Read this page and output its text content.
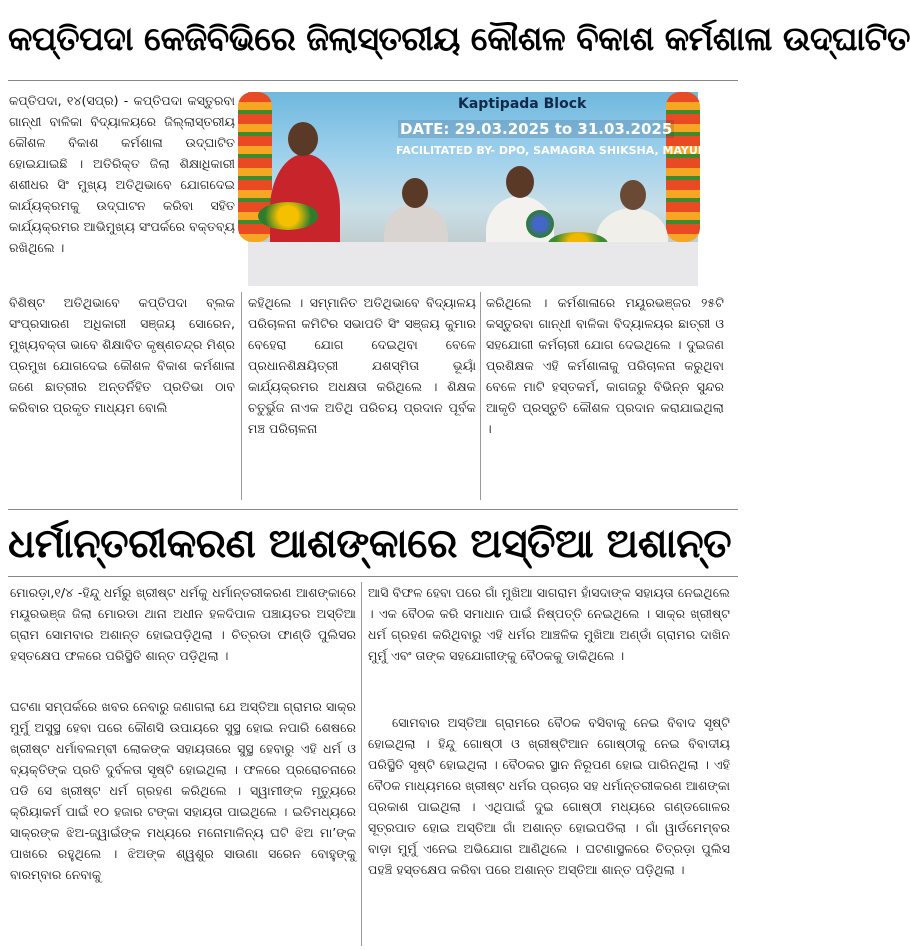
କପ୍ତିପଦା କେଜିବିଭିରେ ଜିଲାସ୍ତରୀୟ କୌଶଳ ବିକାଶ କର୍ମଶାଳା ଉଦ୍‌ଘାଟିତ

କପ୍ତିପଦା, ୧୪(ସପ୍ର) - କପ୍ତିପଦା କସ୍ତୁରବା ଗାନ୍ଧୀ ବାଳିକା ବିଦ୍ୟାଳୟରେ ଜିଲ୍ଲାସ୍ତରୀୟ କୌଶଳ ବିକାଶ କର୍ମଶାଳା ଉଦ୍‌ଘାଟିତ ହୋଇଯାଇଛି । ଅତିରିକ୍ତ ଜିଲା ଶିକ୍ଷାଧିକାରୀ ଶଶୀଧର ସିଂ ମୁଖ୍ୟ ଅତିଥିଭାବେ ଯୋଗଦେଇ କାର୍ଯ୍ୟକ୍ରମକୁ ଉଦ୍‌ଘାଟନ କରିବା ସହିତ କାର୍ଯ୍ୟକ୍ରମର ଆଭିମୁଖ୍ୟ ସଂପର୍କରେ ବକ୍ତବ୍ୟ ରଖିଥିଲେ ।

ବିଶିଷ୍ଟ ଅତିଥିଭାବେ କପ୍ତିପଦା ବ୍ଲକ ସଂପ୍ରସାରଣ ଅଧିକାରୀ ସଞ୍ଜୟ ସୋରେନ, ମୁଖ୍ୟବକ୍ତା ଭାବେ ଶିକ୍ଷାବିତ କୃଷ୍ଣଚନ୍ଦ୍ର ମିଶ୍ର ପ୍ରମୁଖ ଯୋଗଦେଇ କୌଶଳ ବିକାଶ କର୍ମଶାଳା ଜଣେ ଛାତ୍ରୀର ଅନ୍ତର୍ନିହିତ ପ୍ରତିଭା ଠାବ କରିବାର ପ୍ରକୃତ ମାଧ୍ୟମ ବୋଲି

କହିଥିଲେ । ସମ୍ମାନିତ ଅତିଥିଭାବେ ବିଦ୍ୟାଳୟ ପରିଚାଳନା କମିଟିର ସଭାପତି ସିଂ ସଞ୍ଜୟ କୁମାର ବେହେରା ଯୋଗ ଦେଇଥିବା ବେଳେ ପ୍ରଧାନଶିକ୍ଷୟିତ୍ରୀ ଯଶସ୍ମିତା ଭୂୟାଁ କାର୍ଯ୍ୟକ୍ରମର ଅଧକ୍ଷତା କରିଥିଲେ । ଶିକ୍ଷକ ଚତୁର୍ଭୁଜ ନାଏକ ଅତିଥି ପରିଚୟ ପ୍ରଦାନ ପୂର୍ବକ ମଞ୍ଚ ପରିଚାଳନା

କରିଥିଲେ । କର୍ମଶାଳାରେ ମୟୂରଭଞ୍ଜର ୨୫ଟି କସ୍ତୁରବା ଗାନ୍ଧୀ ବାଳିକା ବିଦ୍ୟାଳୟର ଛାତ୍ରୀ ଓ ସହଯୋଗୀ କର୍ମଚାରୀ ଯୋଗ ଦେଇଥିଲେ । ଦୁଇଜଣ ପ୍ରଶିକ୍ଷକ ଏହି କର୍ମଶାଳାକୁ ପରିଚାଳନା କରୁଥିବା ବେଳେ ମାଟି ହସ୍ତକର୍ମ, କାଗଜରୁ ବିଭିନ୍ନ ସୁନ୍ଦର ଆକୃତି ପ୍ରସ୍ତୁତି କୌଶଳ ପ୍ରଦାନ କରାଯାଇଥିଲା ।

Kaptipada Block
DATE: 29.03.2025 to 31.03.2025
FACILITATED BY- DPO, SAMAGRA SHIKSHA, MAYURBHANJ
ଧର୍ମାନ୍ତରୀକରଣ ଆଶଙ୍କାରେ ଅସ୍ତିଆ ଅଶାନ୍ତ

ମୋରଡ଼ା,୧/୪ -ହିନ୍ଦୁ ଧର୍ମରୁ ଖ୍ରୀଷ୍ଟ ଧର୍ମକୁ ଧର୍ମାନ୍ତରୀକରଣ ଆଶଙ୍କାରେ ମୟୂରଭଞ୍ଜ ଜିଲା ମୋରଡା ଥାନା ଅଧୀନ ହଳଦିପାଳ ପଞ୍ଚାୟତର ଅସ୍ତିଆ ଗ୍ରାମ ସୋମବାର ଅଶାନ୍ତ ହୋଇପଡ଼ିଥିଲା । ଚିତ୍ରଡା ଫାଣ୍ଡି ପୁଲିସର ହସ୍ତକ୍ଷେପ ଫଳରେ ପରିସ୍ଥିତି ଶାନ୍ତ ପଡ଼ିଥିଲା ।

ଘଟଣା ସମ୍ପର୍କରେ ଖବର ନେବାରୁ ଜଣାଗଲା ଯେ ଅସ୍ତିଆ ଗ୍ରାମର ସାକ୍ର ମୁର୍ମୁ ଅସୁସ୍ଥ ହେବା ପରେ କୌଣସି ଉପାୟରେ ସୁସ୍ଥ ହୋଇ ନପାରି ଶେଷରେ ଖ୍ରୀଷ୍ଟ ଧର୍ମାବଲମ୍ବୀ ଲୋକଙ୍କ ସହାୟତାରେ ସୁସ୍ଥ ହେବାରୁ ଏହି ଧର୍ମ ଓ ବ୍ୟକ୍ତିଙ୍କ ପ୍ରତି ଦୁର୍ବଳତା ସୃଷ୍ଟି ହୋଇଥିଲା । ଫଳରେ ପ୍ରରୋଚନାରେ ପଡି ସେ ଖ୍ରୀଷ୍ଟ ଧର୍ମ ଗ୍ରହଣ କରିଥିଲେ । ସ୍ୱାମୀଙ୍କ ମୃତ୍ୟୁରେ କ୍ରିୟାକର୍ମ ପାଇଁ ୧୦ ହଜାର ଟଙ୍କା ସହାୟତା ପାଇଥିଲେ । ଇତିମଧ୍ୟରେ ସାକ୍ରଙ୍କ ଝିଅ-ଜ୍ୱାଇଁଙ୍କ ମଧ୍ୟରେ ମନୋମାଳିନ୍ୟ ଘଟି ଝିଅ ମା’ଙ୍କ ପାଖରେ ରହୁଥିଲେ । ଝିଅଙ୍କ ଶ୍ୱଶୁର ସାଉଣା ସରେନ ବୋହୁଙ୍କୁ ବାରମ୍ବାର ନେବାକୁ

ଆସି ବିଫଳ ହେବା ପରେ ଗାଁ ମୁଖିଆ ସାଗରାମ ହାଁସଦାଙ୍କ ସହାୟତା ନେଇଥିଲେ । ଏକ ବୈଠକ କରି ସମାଧାନ ପାଇଁ ନିଷ୍ପତ୍ତି ନେଇଥିଲେ । ସାକ୍ର ଖ୍ରୀଷ୍ଟ ଧର୍ମ ଗ୍ରହଣ କରିଥିବାରୁ ଏହି ଧର୍ମର ଆଞ୍ଚଳିକ ମୁଖିଆ ଅଣ୍ଡାଁ ଗ୍ରାମର ଦାଖିନ ମୁର୍ମୁ ଏବଂ ତାଙ୍କ ସହଯୋଗୀଙ୍କୁ ବୈଠକକୁ ଡାକିଥିଲେ ।

ସୋମବାର ଅସ୍ତିଆ ଗ୍ରାମରେ ବୈଠକ ବସିବାକୁ ନେଇ ବିବାଦ ସୃଷ୍ଟି ହୋଇଥିଲା । ହିନ୍ଦୁ ଗୋଷ୍ଠୀ ଓ ଖ୍ରୀଷ୍ଟିଆନ ଗୋଷ୍ଠୀକୁ ନେଇ ବିବାଦୀୟ ପରିସ୍ଥିତି ସୃଷ୍ଟି ହୋଇଥିଲା । ବୈଠକର ସ୍ଥାନ ନିରୂପଣ ହୋଇ ପାରିନଥିଲା । ଏହି ବୈଠକ ମାଧ୍ୟମରେ ଖ୍ରୀଷ୍ଟ ଧର୍ମର ପ୍ରଚାର ସହ ଧର୍ମାନ୍ତରୀକରଣ ଆଶଙ୍କା ପ୍ରକାଶ ପାଇଥିଲା । ଏଥିପାଇଁ ଦୁଇ ଗୋଷ୍ଠୀ ମଧ୍ୟରେ ଗଣ୍ଡଗୋଳର ସୂତ୍ରପାତ ହୋଇ ଅସ୍ତିଆ ଗାଁ ଅଶାନ୍ତ ହୋଇପଡିଲା । ଗାଁ ୱାର୍ଡମେମ୍ବର ବାଡ଼ା ମୁର୍ମୁ ଏନେଇ ଅଭିଯୋଗ ଆଣିଥିଲେ । ଘଟଣାସ୍ଥଳରେ ଚିତ୍ରଡ଼ା ପୁଲିସ ପହଞ୍ଚି ହସ୍ତକ୍ଷେପ କରିବା ପରେ ଅଶାନ୍ତ ଅସ୍ତିଆ ଶାନ୍ତ ପଡ଼ିଥିଲା ।
